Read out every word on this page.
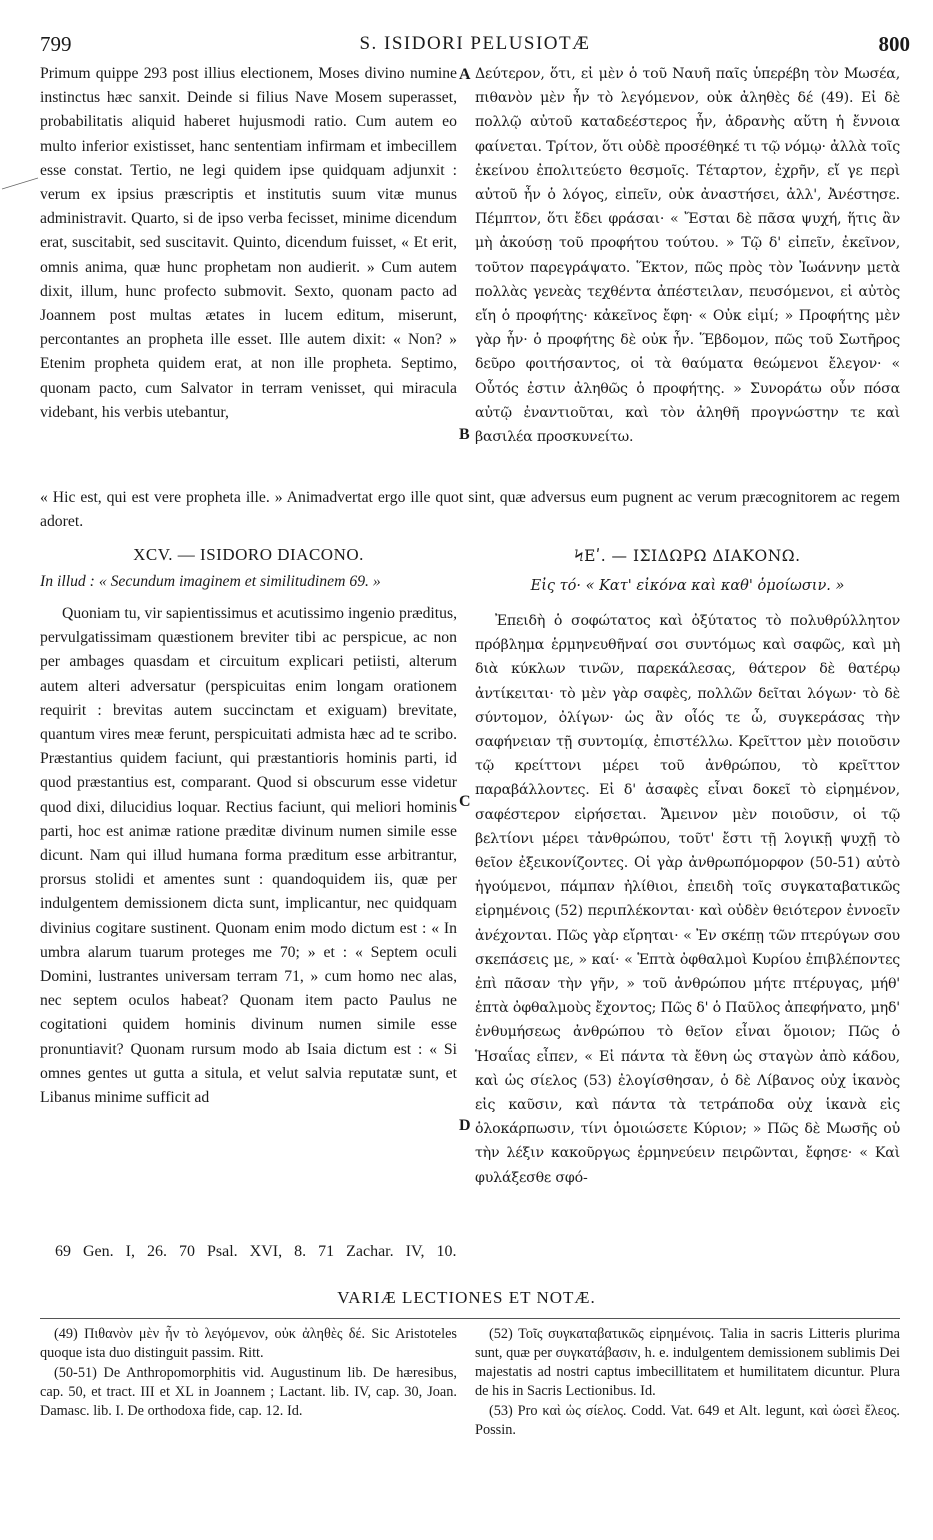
799	S. ISIDORI PELUSIOTÆ	800
Primum quippe 293 post illius electionem, Moses divino numine instinctus hæc sanxit. Deinde si filius Nave Mosem superasset, probabilitatis aliquid haberet hujusmodi ratio. Cum autem eo multo inferior existisset, hanc sententiam infirmam et imbecillem esse constat. Tertio, ne legi quidem ipse quidquam adjunxit : verum ex ipsius præscriptis et institutis suum vitæ munus administravit. Quarto, si de ipso verba fecisset, minime dicendum erat, suscitabit, sed suscitavit. Quinto, dicendum fuisset, « Et erit, omnis anima, quæ hunc prophetam non audierit. » Cum autem dixit, illum, hunc profecto submovit. Sexto, quonam pacto ad Joannem post multas ætates in lucem editum, miserunt, percontantes an propheta ille esset. Ille autem dixit: « Non? » Etenim propheta quidem erat, at non ille propheta. Septimo, quonam pacto, cum Salvator in terram venisset, qui miracula videbant, his verbis utebantur,
Δεύτερον, ὅτι, εἰ μὲν ὁ τοῦ Ναυῆ παῖς ὑπερέβη τὸν Μωσέα, πιθανὸν μὲν ἦν τὸ λεγόμενον, οὐκ ἀληθὲς δέ (49). Εἰ δὲ πολλῷ αὐτοῦ καταδεέστερος ἦν, ἀδρανὴς αὕτη ἡ ἔννοια φαίνεται. Τρίτον, ὅτι οὐδὲ προσέθηκέ τι τῷ νόμῳ· ἀλλὰ τοῖς ἐκείνου ἐπολιτεύετο θεσμοῖς. Τέταρτον, ἐχρῆν, εἴ γε περὶ αὐτοῦ ἦν ὁ λόγος, εἰπεῖν, οὐκ ἀναστήσει, ἀλλ', Ἀνέστησε. Πέμπτον, ὅτι ἔδει φράσαι· « Ἔσται δὲ πᾶσα ψυχή, ἥτις ἂν μὴ ἀκούσῃ τοῦ προφήτου τούτου. » Τῷ δ' εἰπεῖν, ἐκεῖνον, τοῦτον παρεγράψατο. Ἕκτον, πῶς πρὸς τὸν Ἰωάννην μετὰ πολλὰς γενεὰς τεχθέντα ἀπέστειλαν, πευσόμενοι, εἰ αὐτὸς εἴη ὁ προφήτης· κἀκεῖνος ἔφη· « Οὐκ εἰμί; » Προφήτης μὲν γὰρ ἦν· ὁ προφήτης δὲ οὐκ ἦν. Ἕβδομον, πῶς τοῦ Σωτῆρος δεῦρο φοιτήσαντος, οἱ τὰ θαύματα θεώμενοι ἔλεγον· « Οὗτός ἐστιν ἀληθῶς ὁ προφήτης. » Συνοράτω οὖν πόσα αὐτῷ ἐναντιοῦται, καὶ τὸν ἀληθῆ προγνώστην τε καὶ βασιλέα προσκυνείτω.
A
B
C
D
« Hic est, qui est vere propheta ille. » Animadvertat ergo ille quot sint, quæ adversus eum pugnent ac verum præcognitorem ac regem adoret.
XCV. — ISIDORO DIACONO.	ϞΕʹ. — ΙΣΙΔΩΡΩ ΔΙΑΚΟΝΩ.
In illud : « Secundum imaginem et similitudinem 69. »	Εἰς τό· « Κατ' εἰκόνα καὶ καθ' ὁμοίωσιν. »
Quoniam tu, vir sapientissimus et acutissimo ingenio præditus, pervulgatissimam quæstionem breviter tibi ac perspicue, ac non per ambages quasdam et circuitum explicari petiisti, alterum autem alteri adversatur (perspicuitas enim longam orationem requirit : brevitas autem succinctam et exiguam) brevitate, quantum vires meæ ferunt, perspicuitati admista hæc ad te scribo. Præstantius quidem faciunt, qui præstantioris hominis parti, id quod præstantius est, comparant. Quod si obscurum esse videtur quod dixi, dilucidius loquar. Rectius faciunt, qui meliori hominis parti, hoc est animæ ratione præditæ divinum numen simile esse dicunt. Nam qui illud humana forma præditum esse arbitrantur, prorsus stolidi et amentes sunt : quandoquidem iis, quæ per indulgentem demissionem dicta sunt, implicantur, nec quidquam divinius cogitare sustinent. Quonam enim modo dictum est : « In umbra alarum tuarum proteges me 70; » et : « Septem oculi Domini, lustrantes universam terram 71, » cum homo nec alas, nec septem oculos habeat? Quonam item pacto Paulus ne cogitationi quidem hominis divinum numen simile esse pronuntiavit? Quonam rursum modo ab Isaia dictum est : « Si omnes gentes ut gutta a situla, et velut salvia reputatæ sunt, et Libanus minime sufficit ad
Ἐπειδὴ ὁ σοφώτατος καὶ ὀξύτατος τὸ πολυθρύλλητον πρόβλημα ἑρμηνευθῆναί σοι συντόμως καὶ σαφῶς, καὶ μὴ διὰ κύκλων τινῶν, παρεκάλεσας, θάτερον δὲ θατέρῳ ἀντίκειται· τὸ μὲν γὰρ σαφὲς, πολλῶν δεῖται λόγων· τὸ δὲ σύντομον, ὀλίγων· ὡς ἂν οἷός τε ὦ, συγκεράσας τὴν σαφήνειαν τῇ συντομίᾳ, ἐπιστέλλω. Κρεῖττον μὲν ποιοῦσιν τῷ κρείττονι μέρει τοῦ ἀνθρώπου, τὸ κρεῖττον παραβάλλοντες. Εἰ δ' ἀσαφὲς εἶναι δοκεῖ τὸ εἰρημένον, σαφέστερον εἰρήσεται. Ἄμεινον μὲν ποιοῦσιν, οἱ τῷ βελτίονι μέρει τἀνθρώπου, τοῦτ' ἔστι τῇ λογικῇ ψυχῇ τὸ θεῖον ἐξεικονίζοντες. Οἱ γὰρ ἀνθρωπόμορφον (50-51) αὐτὸ ἡγούμενοι, πάμπαν ἠλίθιοι, ἐπειδὴ τοῖς συγκαταβατικῶς εἰρημένοις (52) περιπλέκονται· καὶ οὐδὲν θειότερον ἐννοεῖν ἀνέχονται. Πῶς γὰρ εἴρηται· « Ἐν σκέπῃ τῶν πτερύγων σου σκεπάσεις με, » καί· « Ἑπτὰ ὀφθαλμοὶ Κυρίου ἐπιβλέποντες ἐπὶ πᾶσαν τὴν γῆν, » τοῦ ἀνθρώπου μήτε πτέρυγας, μήθ' ἑπτὰ ὀφθαλμοὺς ἔχοντος; Πῶς δ' ὁ Παῦλος ἀπεφήνατο, μηδ' ἐνθυμήσεως ἀνθρώπου τὸ θεῖον εἶναι ὅμοιον; Πῶς ὁ Ἡσαΐας εἶπεν, « Εἰ πάντα τὰ ἔθνη ὡς σταγὼν ἀπὸ κάδου, καὶ ὡς σίελος (53) ἐλογίσθησαν, ὁ δὲ Λίβανος οὐχ ἱκανὸς εἰς καῦσιν, καὶ πάντα τὰ τετράποδα οὐχ ἱκανὰ εἰς ὁλοκάρπωσιν, τίνι ὁμοιώσετε Κύριον; » Πῶς δὲ Μωσῆς οὐ τὴν λέξιν κακοῦργως ἑρμηνεύειν πειρῶνται, ἔφησε· « Καὶ φυλάξεσθε σφό-
69 Gen. I, 26. 70 Psal. XVI, 8. 71 Zachar. IV, 10.
VARIÆ LECTIONES ET NOTÆ.

(49) Πιθανὸν μὲν ἦν τὸ λεγόμενον, οὐκ ἀληθὲς δέ. Sic Aristoteles quoque ista duo distinguit passim. Ritt.

(50-51) De Anthropomorphitis vid. Augustinum lib. De hæresibus, cap. 50, et tract. III et XL in Joannem ; Lactant. lib. IV, cap. 30, Joan. Damasc. lib. I. De orthodoxa fide, cap. 12. Id.

(52) Τοῖς συγκαταβατικῶς εἰρημένοις. Talia in sacris Litteris plurima sunt, quæ per συγκατάβασιν, h. e. indulgentem demissionem sublimis Dei majestatis ad nostri captus imbecillitatem et humilitatem dicuntur. Plura de his in Sacris Lectionibus. Id.

(53) Pro καὶ ὡς σίελος. Codd. Vat. 649 et Alt. legunt, καὶ ὡσεὶ ἔλεος. Possin.
